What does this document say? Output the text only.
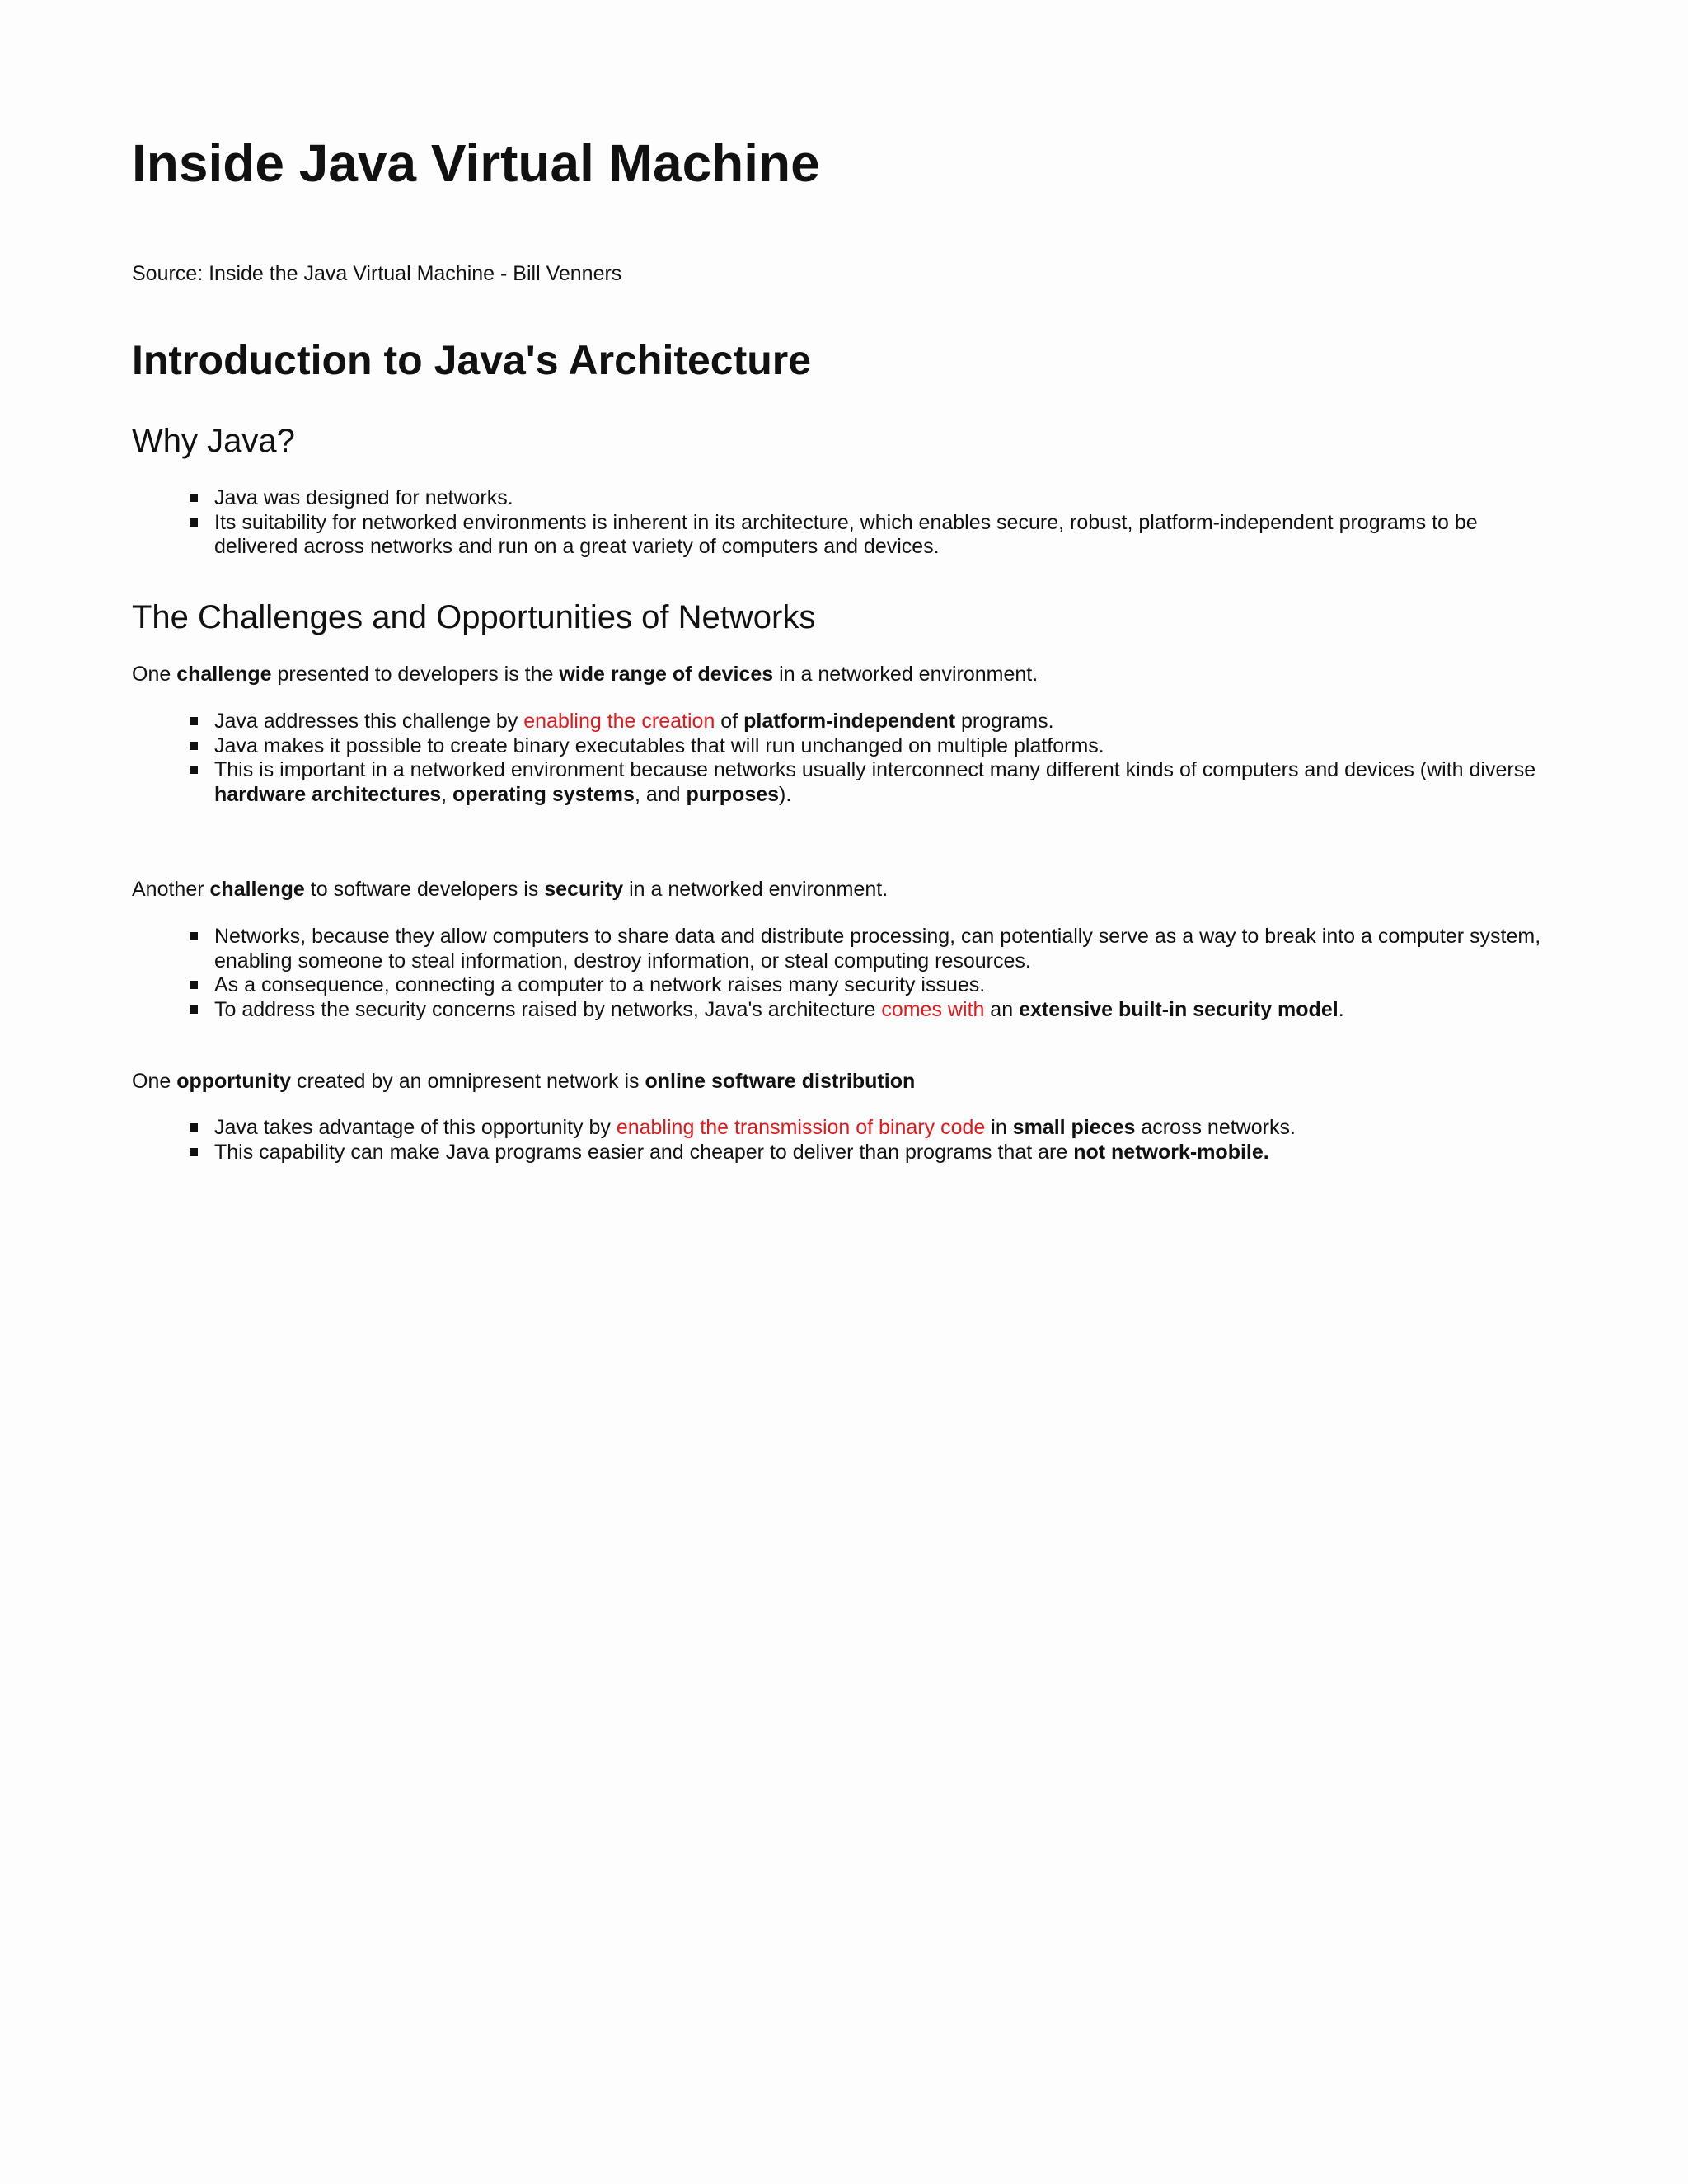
Inside Java Virtual Machine

Source: Inside the Java Virtual Machine - Bill Venners

Introduction to Java's Architecture
Why Java?
Java was designed for networks.
Its suitability for networked environments is inherent in its architecture, which enables secure, robust, platform-independent programs to be delivered across networks and run on a great variety of computers and devices.
The Challenges and Opportunities of Networks

One challenge presented to developers is the wide range of devices in a networked environment.

Java addresses this challenge by enabling the creation of platform-independent programs.
Java makes it possible to create binary executables that will run unchanged on multiple platforms.
This is important in a networked environment because networks usually interconnect many different kinds of computers and devices (with diverse hardware architectures, operating systems, and purposes).

Another challenge to software developers is security in a networked environment.

Networks, because they allow computers to share data and distribute processing, can potentially serve as a way to break into a computer system, enabling someone to steal information, destroy information, or steal computing resources.
As a consequence, connecting a computer to a network raises many security issues.
To address the security concerns raised by networks, Java's architecture comes with an extensive built-in security model.

One opportunity created by an omnipresent network is online software distribution

Java takes advantage of this opportunity by enabling the transmission of binary code in small pieces across networks.
This capability can make Java programs easier and cheaper to deliver than programs that are not network-mobile.
